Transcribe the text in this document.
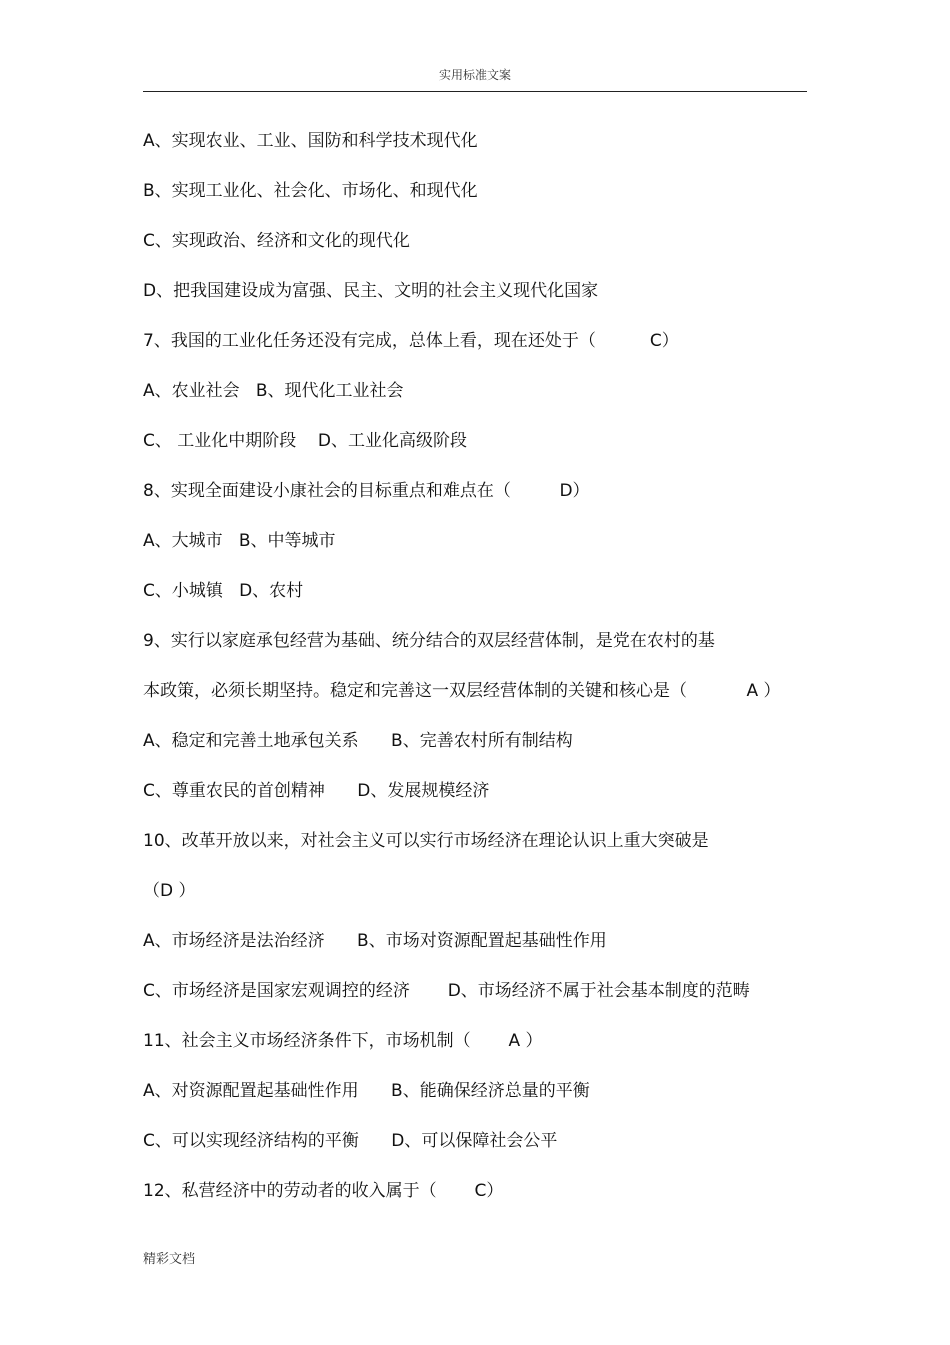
实用标准文案
A、实现农业、工业、国防和科学技术现代化
B、实现工业化、社会化、市场化、和现代化
C、实现政治、经济和文化的现代化
D、把我国建设成为富强、民主、文明的社会主义现代化国家
7、我国的工业化任务还没有完成，总体上看，现在还处于（          C）
A、农业社会   B、现代化工业社会
C、 工业化中期阶段    D、工业化高级阶段
8、实现全面建设小康社会的目标重点和难点在（         D）
A、大城市   B、中等城市
C、小城镇   D、农村
9、实行以家庭承包经营为基础、统分结合的双层经营体制，是党在农村的基
本政策，必须长期坚持。稳定和完善这一双层经营体制的关键和核心是（           A ）
A、稳定和完善土地承包关系      B、完善农村所有制结构
C、尊重农民的首创精神      D、发展规模经济
10、改革开放以来，对社会主义可以实行市场经济在理论认识上重大突破是
（D ）
A、市场经济是法治经济      B、市场对资源配置起基础性作用
C、市场经济是国家宏观调控的经济       D、市场经济不属于社会基本制度的范畴
11、社会主义市场经济条件下，市场机制（       A ）
A、对资源配置起基础性作用      B、能确保经济总量的平衡
C、可以实现经济结构的平衡      D、可以保障社会公平
12、私营经济中的劳动者的收入属于（       C）
精彩文档
